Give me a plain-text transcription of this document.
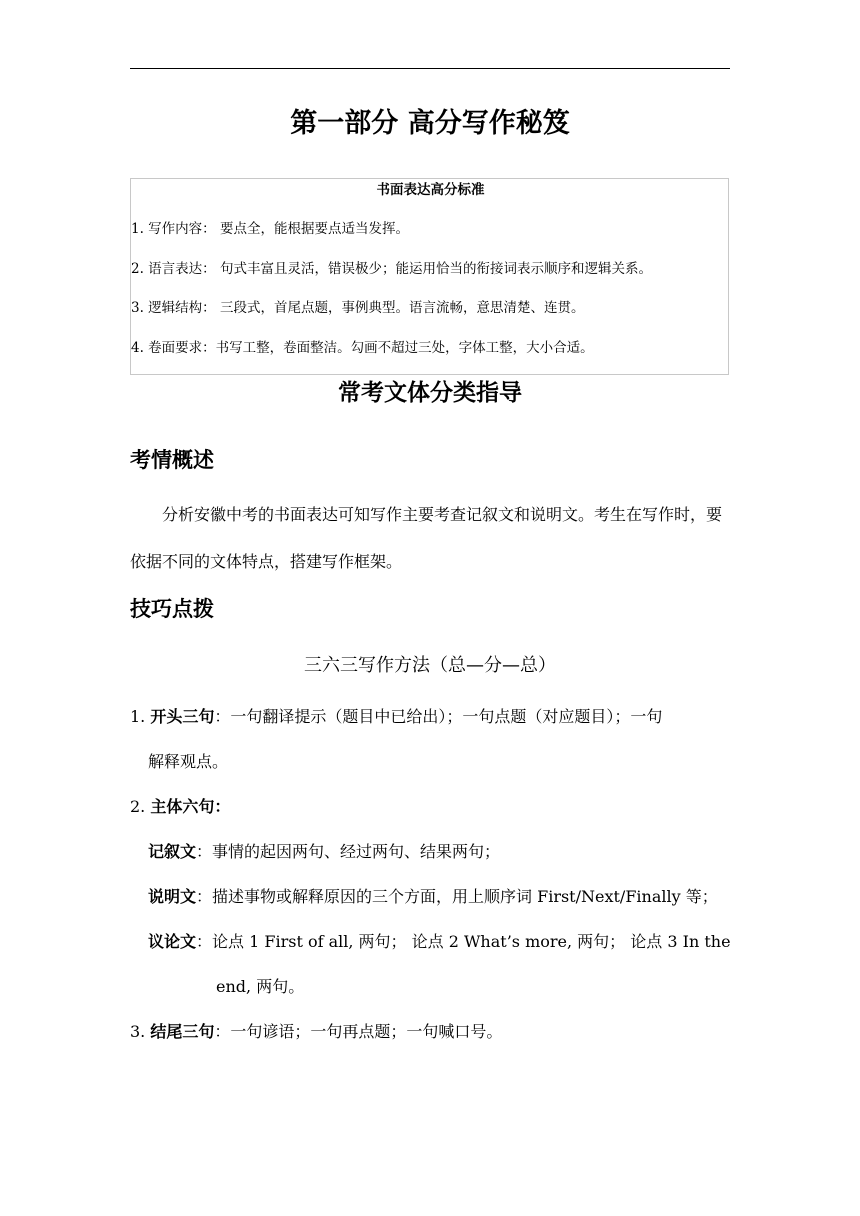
第一部分 高分写作秘笈
书面表达高分标准
1. 写作内容： 要点全，能根据要点适当发挥。
2. 语言表达： 句式丰富且灵活，错误极少；能运用恰当的衔接词表示顺序和逻辑关系。
3. 逻辑结构： 三段式，首尾点题，事例典型。语言流畅，意思清楚、连贯。
4. 卷面要求：书写工整，卷面整洁。勾画不超过三处，字体工整，大小合适。
常考文体分类指导
考情概述
分析安徽中考的书面表达可知写作主要考查记叙文和说明文。考生在写作时，要依据不同的文体特点，搭建写作框架。
技巧点拨
三六三写作方法（总—分—总）
1. 开头三句：一句翻译提示（题目中已给出）；一句点题（对应题目）；一句
解释观点。
2. 主体六句：
记叙文：事情的起因两句、经过两句、结果两句；
说明文：描述事物或解释原因的三个方面，用上顺序词 First/Next/Finally 等；
议论文：论点 1 First of all, 两句； 论点 2 What’s more, 两句； 论点 3 In the
end, 两句。
3. 结尾三句：一句谚语；一句再点题；一句喊口号。
